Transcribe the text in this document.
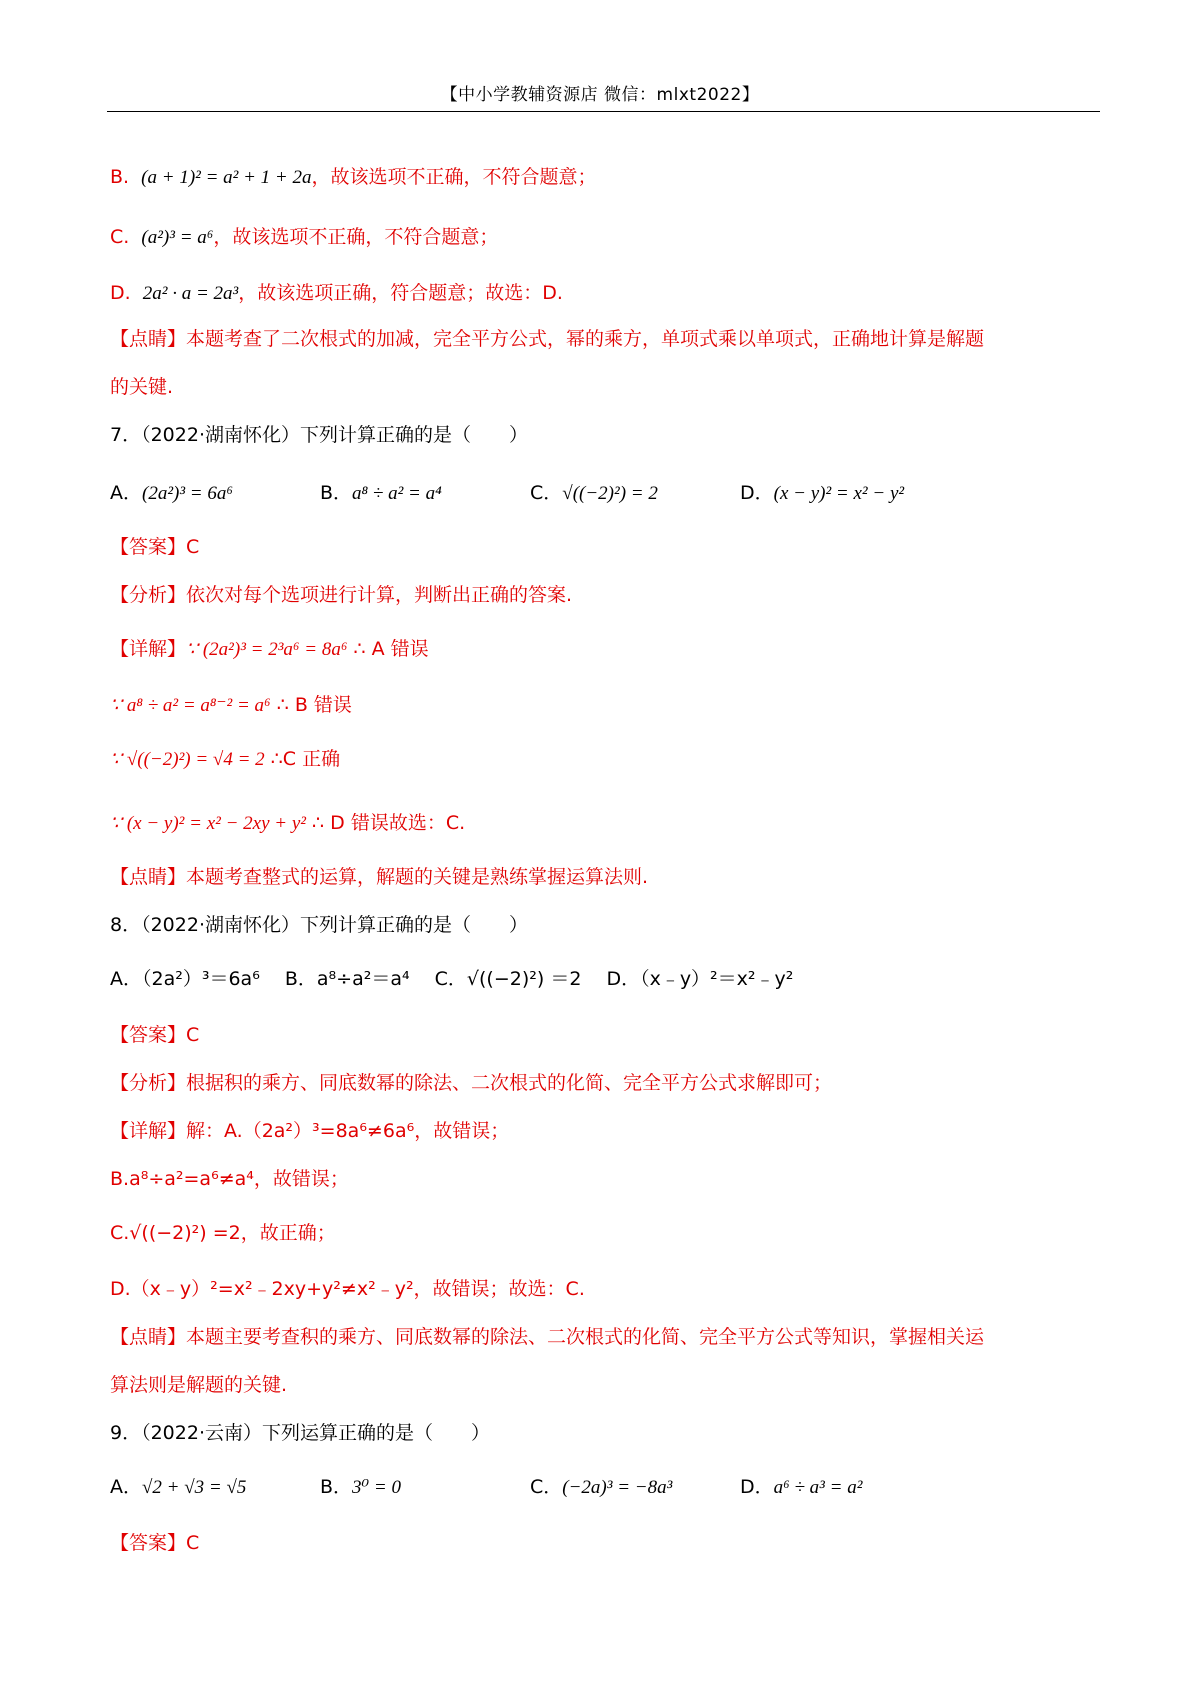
【中小学教辅资源店 微信：mlxt2022】
B. (a + 1)² = a² + 1 + 2a，故该选项不正确，不符合题意；
C. (a²)³ = a⁶，故该选项不正确，不符合题意；
D. 2a² · a = 2a³，故该选项正确，符合题意；故选：D.
【点睛】本题考查了二次根式的加减，完全平方公式，幂的乘方，单项式乘以单项式，正确地计算是解题
的关键.
7．（2022·湖南怀化）下列计算正确的是（　　）
A．(2a²)³ = 6a⁶	B．a⁸ ÷ a² = a⁴	C．√((−2)²) = 2	D．(x − y)² = x² − y²
【答案】C
【分析】依次对每个选项进行计算，判断出正确的答案.
【详解】∵ (2a²)³ = 2³a⁶ = 8a⁶ ∴ A 错误
∵ a⁸ ÷ a² = a⁸⁻² = a⁶ ∴ B 错误
∵ √((−2)²) = √4 = 2 ∴C 正确
∵ (x − y)² = x² − 2xy + y² ∴ D 错误故选：C.
【点睛】本题考查整式的运算，解题的关键是熟练掌握运算法则.
8．（2022·湖南怀化）下列计算正确的是（　　）
A．（2a²）³＝6a⁶　 B．a⁸÷a²＝a⁴　 C．√((−2)²) ＝2　 D．（x﹣y）²＝x²﹣y²
【答案】C
【分析】根据积的乘方、同底数幂的除法、二次根式的化简、完全平方公式求解即可；
【详解】解：A.（2a²）³=8a⁶≠6a⁶，故错误；
B.a⁸÷a²=a⁶≠a⁴，故错误；
C.√((−2)²) =2，故正确；
D.（x﹣y）²=x²﹣2xy+y²≠x²﹣y²，故错误；故选：C.
【点睛】本题主要考查积的乘方、同底数幂的除法、二次根式的化简、完全平方公式等知识，掌握相关运
算法则是解题的关键.
9．（2022·云南）下列运算正确的是（　　）
A．√2 + √3 = √5	B．3⁰ = 0	C．(−2a)³ = −8a³	D．a⁶ ÷ a³ = a²
【答案】C
